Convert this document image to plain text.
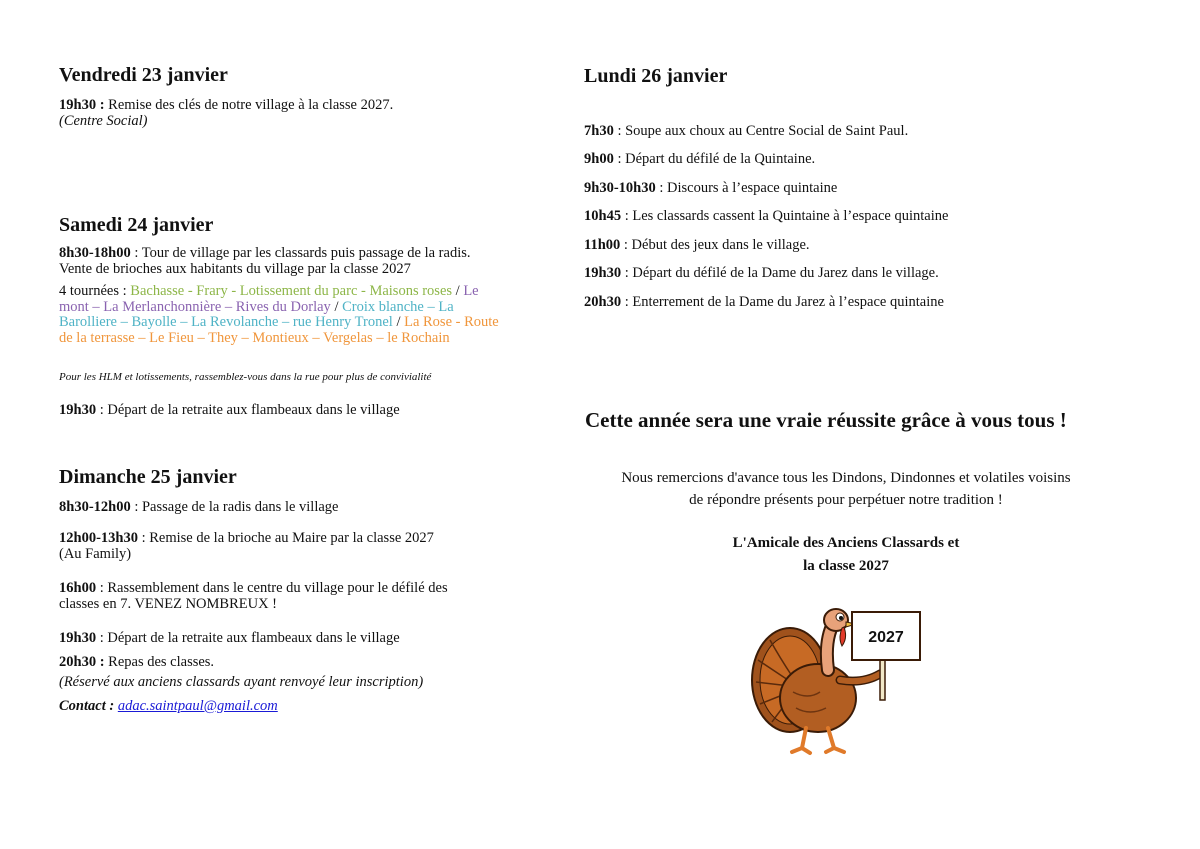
Vendredi 23 janvier
19h30 : Remise des clés de notre village à la classe 2027.
(Centre Social)
Samedi 24 janvier
8h30-18h00 : Tour de village par les classards puis passage de la radis. Vente de brioches aux habitants du village par la classe 2027
4 tournées : Bachasse - Frary - Lotissement du parc - Maisons roses / Le mont – La Merlanchonnière – Rives du Dorlay / Croix blanche – La Barolliere – Bayolle – La Revolanche – rue Henry Tronel / La Rose - Route de la terrasse – Le Fieu – They – Montieux – Vergelas – le Rochain
Pour les HLM et lotissements, rassemblez-vous dans la rue pour plus de convivialité
19h30 : Départ de la retraite aux flambeaux dans le village
Dimanche 25 janvier
8h30-12h00 : Passage de la radis dans le village
12h00-13h30 : Remise de la brioche au Maire par la classe 2027 (Au Family)
16h00 : Rassemblement dans le centre du village pour le défilé des classes en 7. VENEZ NOMBREUX !
19h30 : Départ de la retraite aux flambeaux dans le village
20h30 : Repas des classes.
(Réservé aux anciens classards ayant renvoyé leur inscription)
Contact : adac.saintpaul@gmail.com
Lundi 26 janvier
7h30 : Soupe aux choux au Centre Social de Saint Paul.
9h00 : Départ du défilé de la Quintaine.
9h30-10h30 : Discours à l’espace quintaine
10h45 : Les classards cassent la Quintaine à l’espace quintaine
11h00 : Début des jeux dans le village.
19h30 : Départ du défilé de la Dame du Jarez dans le village.
20h30 : Enterrement de la Dame du Jarez à l’espace quintaine
Cette année sera une vraie réussite grâce à vous tous !
Nous remercions d'avance tous les Dindons, Dindonnes et volatiles voisins
de répondre présents pour perpétuer notre tradition !
L'Amicale des Anciens Classards et
la classe 2027
2027
